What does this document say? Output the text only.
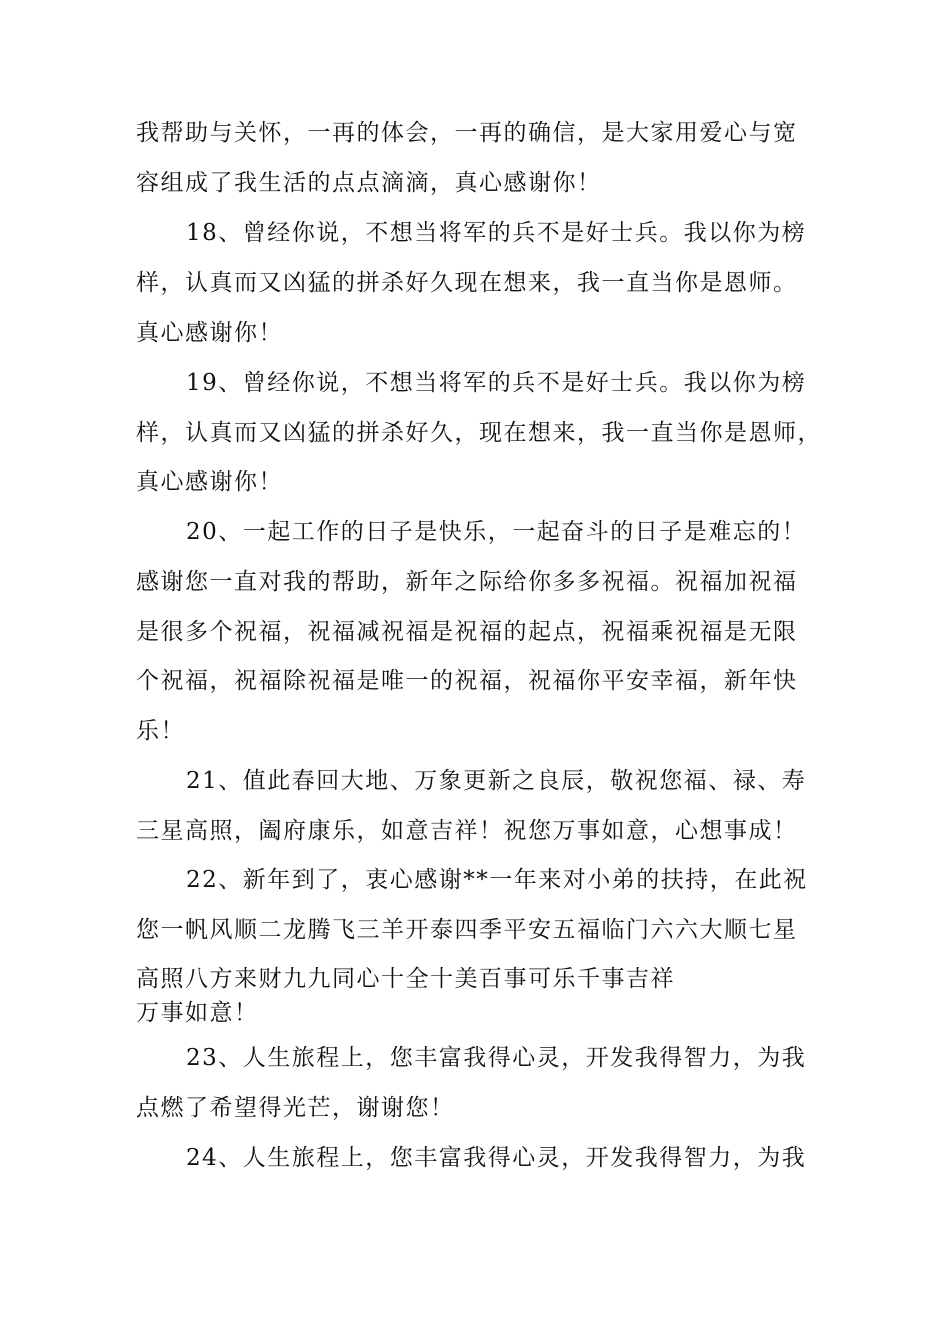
我帮助与关怀，一再的体会，一再的确信，是大家用爱心与宽
容组成了我生活的点点滴滴，真心感谢你！
18、曾经你说，不想当将军的兵不是好士兵。我以你为榜
样，认真而又凶猛的拼杀好久现在想来，我一直当你是恩师。
真心感谢你！
19、曾经你说，不想当将军的兵不是好士兵。我以你为榜
样，认真而又凶猛的拼杀好久，现在想来，我一直当你是恩师，
真心感谢你！
20、一起工作的日子是快乐，一起奋斗的日子是难忘的！
感谢您一直对我的帮助，新年之际给你多多祝福。祝福加祝福
是很多个祝福，祝福减祝福是祝福的起点，祝福乘祝福是无限
个祝福，祝福除祝福是唯一的祝福，祝福你平安幸福，新年快
乐！
21、值此春回大地、万象更新之良辰，敬祝您福、禄、寿
三星高照，阖府康乐，如意吉祥！祝您万事如意，心想事成！
22、新年到了，衷心感谢**一年来对小弟的扶持，在此祝
您一帆风顺二龙腾飞三羊开泰四季平安五福临门六六大顺七星
高照八方来财九九同心十全十美百事可乐千事吉祥
万事如意！
23、人生旅程上，您丰富我得心灵，开发我得智力，为我
点燃了希望得光芒，谢谢您！
24、人生旅程上，您丰富我得心灵，开发我得智力，为我
